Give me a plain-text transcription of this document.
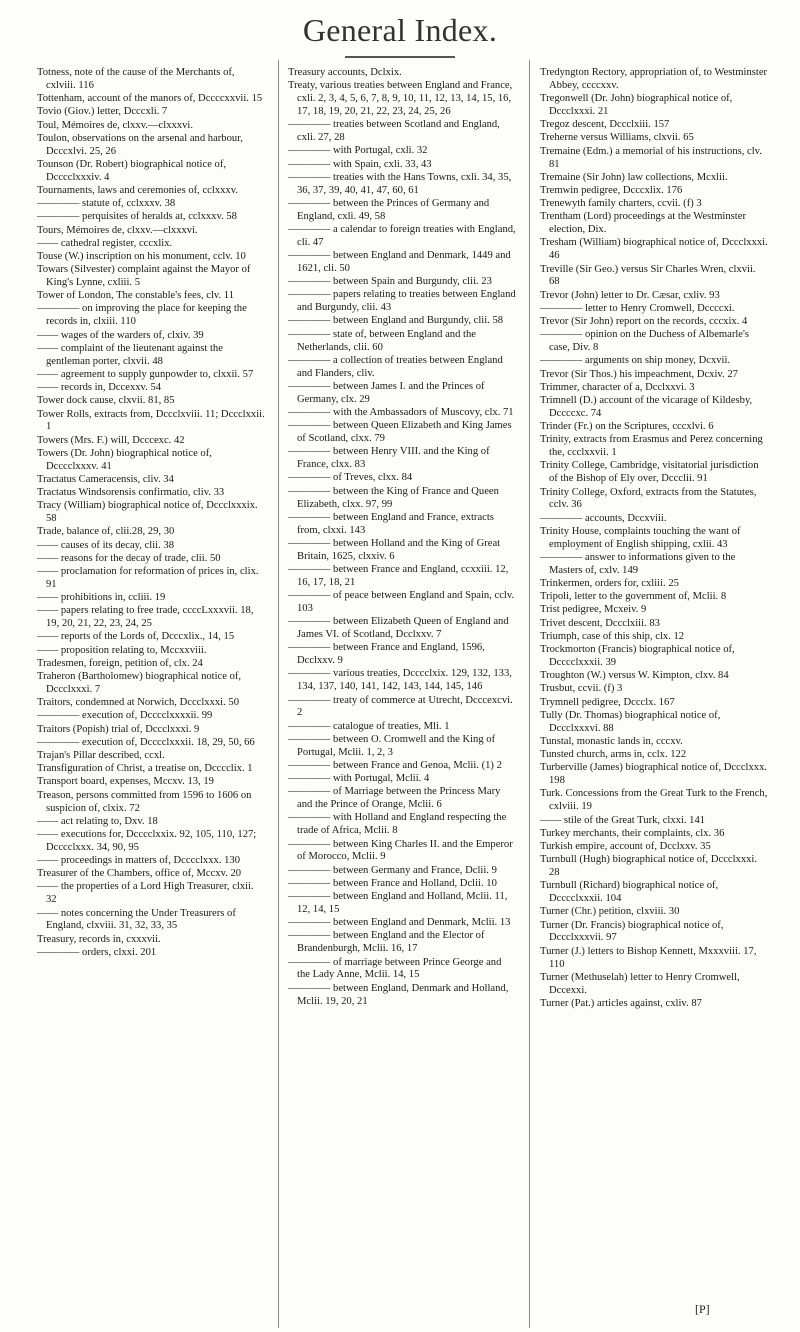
General Index.
Totness, note of the cause of the Merchants of, cxlviii. 116
Tottenham, account of the manors of, Dccccxxvii. 15
Tovio (Giov.) letter, Dcccxli. 7
Toul, Mémoires de, clxxv.—clxxxvi.
Toulon, observations on the arsenal and harbour, Dcccxlvi. 25, 26
Tounson (Dr. Robert) biographical notice of, Dcccclxxxiv. 4
Tournaments, laws and ceremonies of, cclxxxv.
———— statute of, cclxxxv. 38
———— perquisites of heralds at, cclxxxv. 58
Tours, Mémoires de, clxxv.—clxxxvi.
—— cathedral register, cccxlix.
Touse (W.) inscription on his monument, cclv. 10
Towars (Silvester) complaint against the Mayor of King's Lynne, cxliii. 5
Tower of London, The constable's fees, clv. 11
———— on improving the place for keeping the records in, clxiii. 110
—— wages of the warders of, clxiv. 39
—— complaint of the lieutenant against the gentleman porter, clxvii. 48
—— agreement to supply gunpowder to, clxxii. 57
—— records in, Dccexxv. 54
Tower dock cause, clxvii. 81, 85
Tower Rolls, extracts from, Dccclxviii. 11; Dccclxxii. 1
Towers (Mrs. F.) will, Dcccexc. 42
Towers (Dr. John) biographical notice of, Dcccclxxxv. 41
Tractatus Cameracensis, cliv. 34
Tractatus Windsorensis confirmatio, cliv. 33
Tracy (William) biographical notice of, Dccclxxxix. 58
Trade, balance of, clii.28, 29, 30
—— causes of its decay, clii. 38
—— reasons for the decay of trade, clii. 50
—— proclamation for reformation of prices in, clix. 91
—— prohibitions in, ccliii. 19
—— papers relating to free trade, ccccLxxxvii. 18, 19, 20, 21, 22, 23, 24, 25
—— reports of the Lords of, Dcccxlix., 14, 15
—— proposition relating to, Mccxxviii.
Tradesmen, foreign, petition of, clx. 24
Traheron (Bartholomew) biographical notice of, Dccclxxxi. 7
Traitors, condemned at Norwich, Dccclxxxi. 50
———— execution of, Dcccclxxxxii. 99
Traitors (Popish) trial of, Dccclxxxi. 9
———— execution of, Dcccclxxxii. 18, 29, 50, 66
Trajan's Pillar described, ccxl.
Transfiguration of Christ, a treatise on, Dcccclix. 1
Transport board, expenses, Mccxv. 13, 19
Treason, persons committed from 1596 to 1606 on suspicion of, clxix. 72
—— act relating to, Dxv. 18
—— executions for, Dcccclxxix. 92, 105, 110, 127; Dcccclxxx. 34, 90, 95
—— proceedings in matters of, Dcccclxxx. 130
Treasurer of the Chambers, office of, Mccxv. 20
—— the properties of a Lord High Treasurer, clxii. 32
—— notes concerning the Under Treasurers of England, clxviii. 31, 32, 33, 35
Treasury, records in, cxxxvii.
———— orders, clxxi. 201
Treasury accounts, Dclxix.
Treaty, various treaties between England and France, cxli. 2, 3, 4, 5, 6, 7, 8, 9, 10, 11, 12, 13, 14, 15, 16, 17, 18, 19, 20, 21, 22, 23, 24, 25, 26
———— treaties between Scotland and England, cxli. 27, 28
———— with Portugal, cxli. 32
———— with Spain, cxli. 33, 43
———— treaties with the Hans Towns, cxli. 34, 35, 36, 37, 39, 40, 41, 47, 60, 61
———— between the Princes of Germany and England, cxli. 49, 58
———— a calendar to foreign treaties with England, cli. 47
———— between England and Denmark, 1449 and 1621, cli. 50
———— between Spain and Burgundy, clii. 23
———— papers relating to treaties between England and Burgundy, clii. 43
———— between England and Burgundy, clii. 58
———— state of, between England and the Netherlands, clii. 60
———— a collection of treaties between England and Flanders, cliv.
———— between James I. and the Princes of Germany, clx. 29
———— with the Ambassadors of Muscovy, clx. 71
———— between Queen Elizabeth and King James of Scotland, clxx. 79
———— between Henry VIII. and the King of France, clxx. 83
———— of Treves, clxx. 84
———— between the King of France and Queen Elizabeth, clxx. 97, 99
———— between England and France, extracts from, clxxi. 143
———— between Holland and the King of Great Britain, 1625, clxxiv. 6
———— between France and England, ccxxiii. 12, 16, 17, 18, 21
———— of peace between England and Spain, cclv. 103
———— between Elizabeth Queen of England and James VI. of Scotland, Dcclxxv. 7
———— between France and England, 1596, Dcclxxv. 9
———— various treaties, Dcccclxix. 129, 132, 133, 134, 137, 140, 141, 142, 143, 144, 145, 146
———— treaty of commerce at Utrecht, Dcccexcvi. 2
———— catalogue of treaties, Mli. 1
———— between O. Cromwell and the King of Portugal, Mclii. 1, 2, 3
———— between France and Genoa, Mclii. (1) 2
———— with Portugal, Mclii. 4
———— of Marriage between the Princess Mary and the Prince of Orange, Mclii. 6
———— with Holland and England respecting the trade of Africa, Mclii. 8
———— between King Charles II. and the Emperor of Morocco, Mclii. 9
———— between Germany and France, Dclii. 9
———— between France and Holland, Dclii. 10
———— between England and Holland, Mclii. 11, 12, 14, 15
———— between England and Denmark, Mclii. 13
———— between England and the Elector of Brandenburgh, Mclii. 16, 17
———— of marriage between Prince George and the Lady Anne, Mclii. 14, 15
———— between England, Denmark and Holland, Mclii. 19, 20, 21
Tredyngton Rectory, appropriation of, to Westminster Abbey, ccccxxv.
Tregonwell (Dr. John) biographical notice of, Dccclxxxi. 21
Tregoz descent, Dccclxiii. 157
Treherne versus Williams, clxvii. 65
Tremaine (Edm.) a memorial of his instructions, clv. 81
Tremaine (Sir John) law collections, Mcxlii.
Tremwin pedigree, Dcccxlix. 176
Trenewyth family charters, ccvii. (f) 3
Trentham (Lord) proceedings at the Westminster election, Dix.
Tresham (William) biographical notice of, Dccclxxxi. 46
Treville (Sir Geo.) versus Sir Charles Wren, clxvii. 68
Trevor (John) letter to Dr. Cæsar, cxliv. 93
———— letter to Henry Cromwell, Dccccxi.
Trevor (Sir John) report on the records, cccxix. 4
———— opinion on the Duchess of Albemarle's case, Div. 8
———— arguments on ship money, Dcxvii.
Trevor (Sir Thos.) his impeachment, Dcxiv. 27
Trimmer, character of a, Dcclxxvi. 3
Trimnell (D.) account of the vicarage of Kildesby, Dccccxc. 74
Trinder (Fr.) on the Scriptures, cccxlvi. 6
Trinity, extracts from Erasmus and Perez concerning the, ccclxxvii. 1
Trinity College, Cambridge, visitatorial jurisdiction of the Bishop of Ely over, Dccclii. 91
Trinity College, Oxford, extracts from the Statutes, cclv. 36
———— accounts, Dccxviii.
Trinity House, complaints touching the want of employment of English shipping, cxlii. 43
———— answer to informations given to the Masters of, cxlv. 149
Trinkermen, orders for, cxliii. 25
Tripoli, letter to the government of, Mclii. 8
Trist pedigree, Mcxeiv. 9
Trivet descent, Dccclxiii. 83
Triumph, case of this ship, clx. 12
Trockmorton (Francis) biographical notice of, Dcccclxxxii. 39
Troughton (W.) versus W. Kimpton, clxv. 84
Trusbut, ccvii. (f) 3
Trymnell pedigree, Dccclx. 167
Tully (Dr. Thomas) biographical notice of, Dccclxxxvi. 88
Tunstal, monastic lands in, cccxv.
Tunsted church, arms in, cclx. 122
Turberville (James) biographical notice of, Dccclxxx. 198
Turk. Concessions from the Great Turk to the French, cxlviii. 19
—— stile of the Great Turk, clxxi. 141
Turkey merchants, their complaints, clx. 36
Turkish empire, account of, Dcclxxv. 35
Turnbull (Hugh) biographical notice of, Dccclxxxi. 28
Turnbull (Richard) biographical notice of, Dcccclxxxii. 104
Turner (Chr.) petition, clxviii. 30
Turner (Dr. Francis) biographical notice of, Dccclxxxvii. 97
Turner (J.) letters to Bishop Kennett, Mxxxviii. 17, 110
Turner (Methuselah) letter to Henry Cromwell, Dccexxi.
Turner (Pat.) articles against, cxliv. 87
[P]
